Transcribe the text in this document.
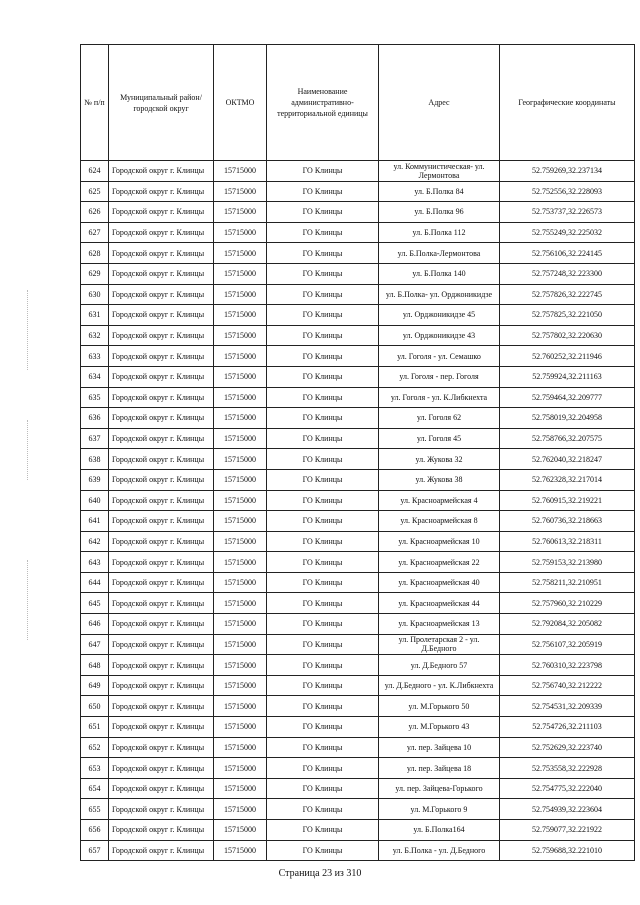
№ п/п	Муниципальный район/городской округ	ОКТМО	Наименование административно-территориальной единицы	Адрес	Географические координаты
624	Городской округ г. Клинцы	15715000	ГО Клинцы	ул. Коммунистическая- ул. Лермонтова	52.759269,32.237134
625	Городской округ г. Клинцы	15715000	ГО Клинцы	ул. Б.Полка 84	52.752556,32.228093
626	Городской округ г. Клинцы	15715000	ГО Клинцы	ул. Б.Полка 96	52.753737,32.226573
627	Городской округ г. Клинцы	15715000	ГО Клинцы	ул. Б.Полка 112	52.755249,32.225032
628	Городской округ г. Клинцы	15715000	ГО Клинцы	ул. Б.Полка-Лермонтова	52.756106,32.224145
629	Городской округ г. Клинцы	15715000	ГО Клинцы	ул. Б.Полка 140	52.757248,32.223300
630	Городской округ г. Клинцы	15715000	ГО Клинцы	ул. Б.Полка- ул. Орджоникидзе	52.757826,32.222745
631	Городской округ г. Клинцы	15715000	ГО Клинцы	ул. Орджоникидзе 45	52.757825,32.221050
632	Городской округ г. Клинцы	15715000	ГО Клинцы	ул. Орджоникидзе 43	52.757802,32.220630
633	Городской округ г. Клинцы	15715000	ГО Клинцы	ул. Гоголя - ул. Семашко	52.760252,32.211946
634	Городской округ г. Клинцы	15715000	ГО Клинцы	ул. Гоголя - пер. Гоголя	52.759924,32.211163
635	Городской округ г. Клинцы	15715000	ГО Клинцы	ул. Гоголя - ул. К.Либкнехта	52.759464,32.209777
636	Городской округ г. Клинцы	15715000	ГО Клинцы	ул. Гоголя 62	52.758019,32.204958
637	Городской округ г. Клинцы	15715000	ГО Клинцы	ул. Гоголя 45	52.758766,32.207575
638	Городской округ г. Клинцы	15715000	ГО Клинцы	ул. Жукова 32	52.762040,32.218247
639	Городской округ г. Клинцы	15715000	ГО Клинцы	ул. Жукова 38	52.762328,32.217014
640	Городской округ г. Клинцы	15715000	ГО Клинцы	ул. Красноармейская 4	52.760915,32.219221
641	Городской округ г. Клинцы	15715000	ГО Клинцы	ул. Красноармейская 8	52.760736,32.218663
642	Городской округ г. Клинцы	15715000	ГО Клинцы	ул. Красноармейская 10	52.760613,32.218311
643	Городской округ г. Клинцы	15715000	ГО Клинцы	ул. Красноармейская 22	52.759153,32.213980
644	Городской округ г. Клинцы	15715000	ГО Клинцы	ул. Красноармейская 40	52.758211,32.210951
645	Городской округ г. Клинцы	15715000	ГО Клинцы	ул. Красноармейская 44	52.757960,32.210229
646	Городской округ г. Клинцы	15715000	ГО Клинцы	ул. Красноармейская 13	52.792084,32.205082
647	Городской округ г. Клинцы	15715000	ГО Клинцы	ул. Пролетарская 2 - ул. Д.Бедного	52.756107,32.205919
648	Городской округ г. Клинцы	15715000	ГО Клинцы	ул. Д.Бедного 57	52.760310,32.223798
649	Городской округ г. Клинцы	15715000	ГО Клинцы	ул. Д.Бедного - ул. К.Либкнехта	52.756740,32.212222
650	Городской округ г. Клинцы	15715000	ГО Клинцы	ул. М.Горького 50	52.754531,32.209339
651	Городской округ г. Клинцы	15715000	ГО Клинцы	ул. М.Горького 43	52.754726,32.211103
652	Городской округ г. Клинцы	15715000	ГО Клинцы	ул. пер. Зайцева 10	52.752629,32.223740
653	Городской округ г. Клинцы	15715000	ГО Клинцы	ул. пер. Зайцева 18	52.753558,32.222928
654	Городской округ г. Клинцы	15715000	ГО Клинцы	ул. пер. Зайцева-Горького	52.754775,32.222040
655	Городской округ г. Клинцы	15715000	ГО Клинцы	ул. М.Горького 9	52.754939,32.223604
656	Городской округ г. Клинцы	15715000	ГО Клинцы	ул. Б.Полка164	52.759077,32.221922
657	Городской округ г. Клинцы	15715000	ГО Клинцы	ул. Б.Полка - ул. Д.Бедного	52.759688,32.221010
Страница 23 из 310
